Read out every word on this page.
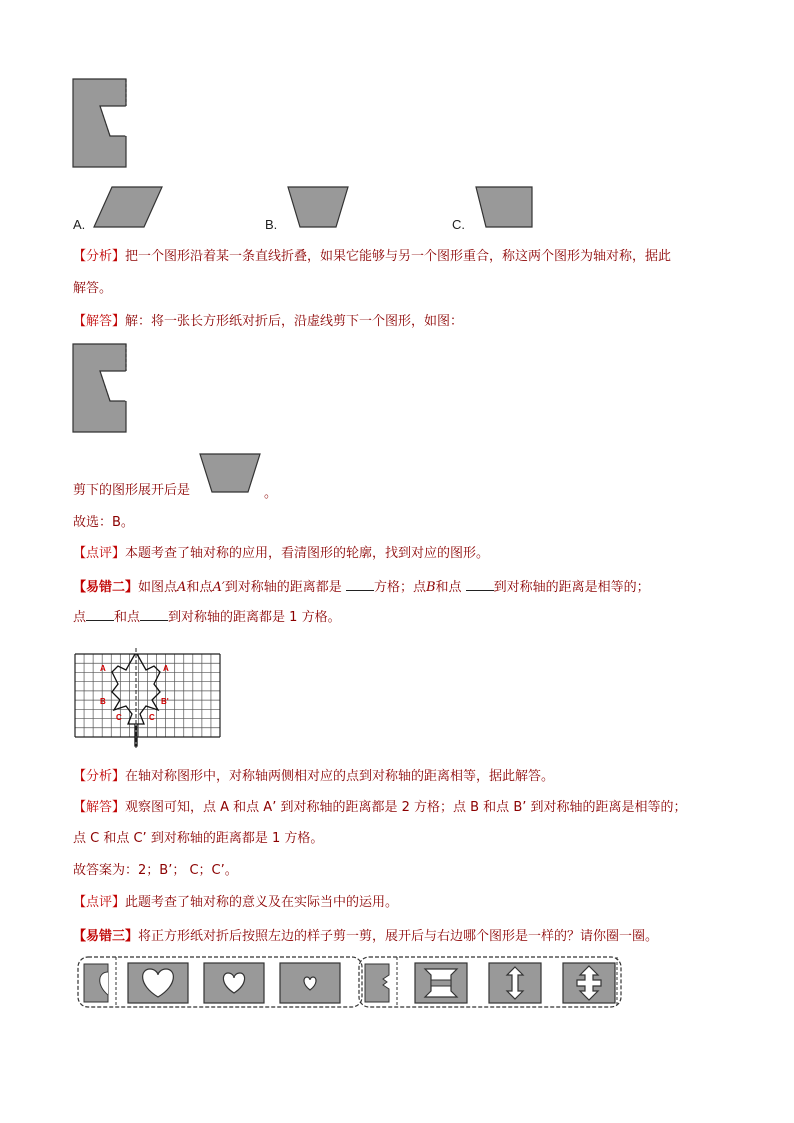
A.	B.	C.
【分析】把一个图形沿着某一条直线折叠，如果它能够与另一个图形重合，称这两个图形为轴对称，据此
解答。
【解答】解：将一张长方形纸对折后，沿虚线剪下一个图形，如图：
剪下的图形展开后是	。
故选：B。
【点评】本题考查了轴对称的应用，看清图形的轮廓，找到对应的图形。
【易错二】如图点A和点A′到对称轴的距离都是 方格；点B和点 到对称轴的距离是相等的；
点 和点 到对称轴的距离都是 1 方格。
A	A
B	B'
C	C
【分析】在轴对称图形中，对称轴两侧相对应的点到对称轴的距离相等，据此解答。
【解答】观察图可知，点 A 和点 A’ 到对称轴的距离都是 2 方格；点 B 和点 B’ 到对称轴的距离是相等的；
点 C 和点 C’ 到对称轴的距离都是 1 方格。
故答案为：2；B’； C；C’。
【点评】此题考查了轴对称的意义及在实际当中的运用。
【易错三】将正方形纸对折后按照左边的样子剪一剪，展开后与右边哪个图形是一样的？请你圈一圈。
